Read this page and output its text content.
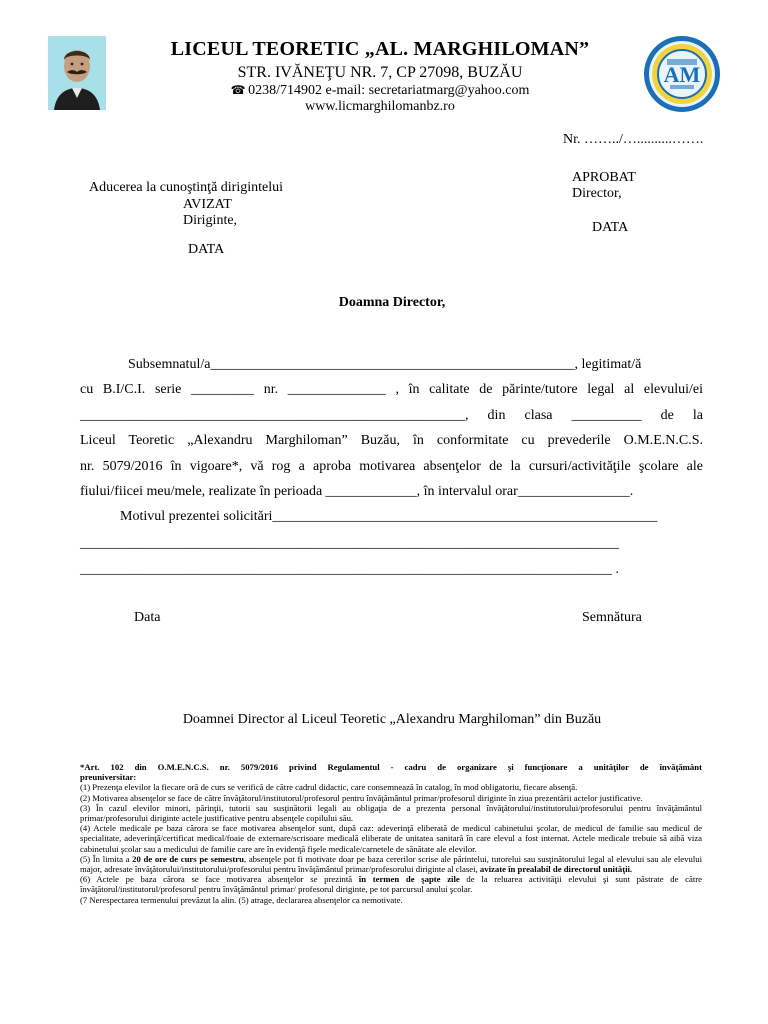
LICEUL TEORETIC „AL. MARGHILOMAN”
STR. IVĂNEŢU NR. 7, CP 27098, BUZĂU
☎ 0238/714902 e-mail: secretariatmarg@yahoo.com
www.licmarghilomanbz.ro
AM
Nr. ……../…..........…….
Aducerea la cunoştinţă dirigintelui
AVIZAT
Diriginte,
DATA
APROBAT
Director,
DATA
Doamna Director,
Subsemnatul/a____________________________________________________, legitimat/ă
cu B.I/C.I. serie _________ nr. ______________ , în calitate de părinte/tutore legal al elevului/ei
_______________________________________________________, din clasa __________ de la
Liceul Teoretic „Alexandru Marghiloman” Buzău, în conformitate cu prevederile O.M.E.N.C.S.
nr. 5079/2016 în vigoare*, vă rog a aproba motivarea absenţelor de la cursuri/activităţile şcolare ale
fiului/fiicei meu/mele, realizate în perioada _____________, în intervalul orar________________.
Motivul prezentei solicitări_______________________________________________________
_____________________________________________________________________________
____________________________________________________________________________ .
Data	Semnătura
Doamnei Director al Liceul Teoretic „Alexandru Marghiloman” din Buzău

*Art. 102 din O.M.E.N.C.S. nr. 5079/2016 privind Regulamentul - cadru de organizare şi funcţionare a unităţilor de învăţământ

preuniversitar:

(1) Prezenţa elevilor la fiecare oră de curs se verifică de către cadrul didactic, care consemnează în catalog, în mod obligatoriu, fiecare absenţă.

(2) Motivarea absenţelor se face de către învăţătorul/institutorul/profesorul pentru învăţământul primar/profesorul diriginte în ziua prezentării actelor justificative.

(3) În cazul elevilor minori, părinţii, tutorii sau susţinătorii legali au obligaţia de a prezenta personal învăţătorului/institutorului/profesorului pentru învăţământul primar/profesorului diriginte actele justificative pentru absenţele copilului său.

(4) Actele medicale pe baza cărora se face motivarea absenţelor sunt, după caz: adeverinţă eliberată de medicul cabinetului şcolar, de medicul de familie sau medicul de specialitate, adeverinţă/certificat medical/foaie de externare/scrisoare medicală eliberate de unitatea sanitară în care elevul a fost internat. Actele medicale trebuie să aibă viza cabinetului şcolar sau a medicului de familie care are în evidenţă fişele medicale/carnetele de sănătate ale elevilor.

(5) În limita a 20 de ore de curs pe semestru, absenţele pot fi motivate doar pe baza cererilor scrise ale părintelui, tutorelui sau susţinătorului legal al elevului sau ale elevului major, adresate învăţătorului/institutorului/profesorului pentru învăţământul primar/profesorului diriginte al clasei, avizate în prealabil de directorul unităţii.

(6) Actele pe baza cărora se face motivarea absenţelor se prezintă în termen de şapte zile de la reluarea activităţii elevului şi sunt păstrate de către învăţătorul/institutorul/profesorul pentru învăţământul primar/ profesorul diriginte, pe tot parcursul anului şcolar.

(7 Nerespectarea termenului prevăzut la alin. (5) atrage, declararea absenţelor ca nemotivate.
